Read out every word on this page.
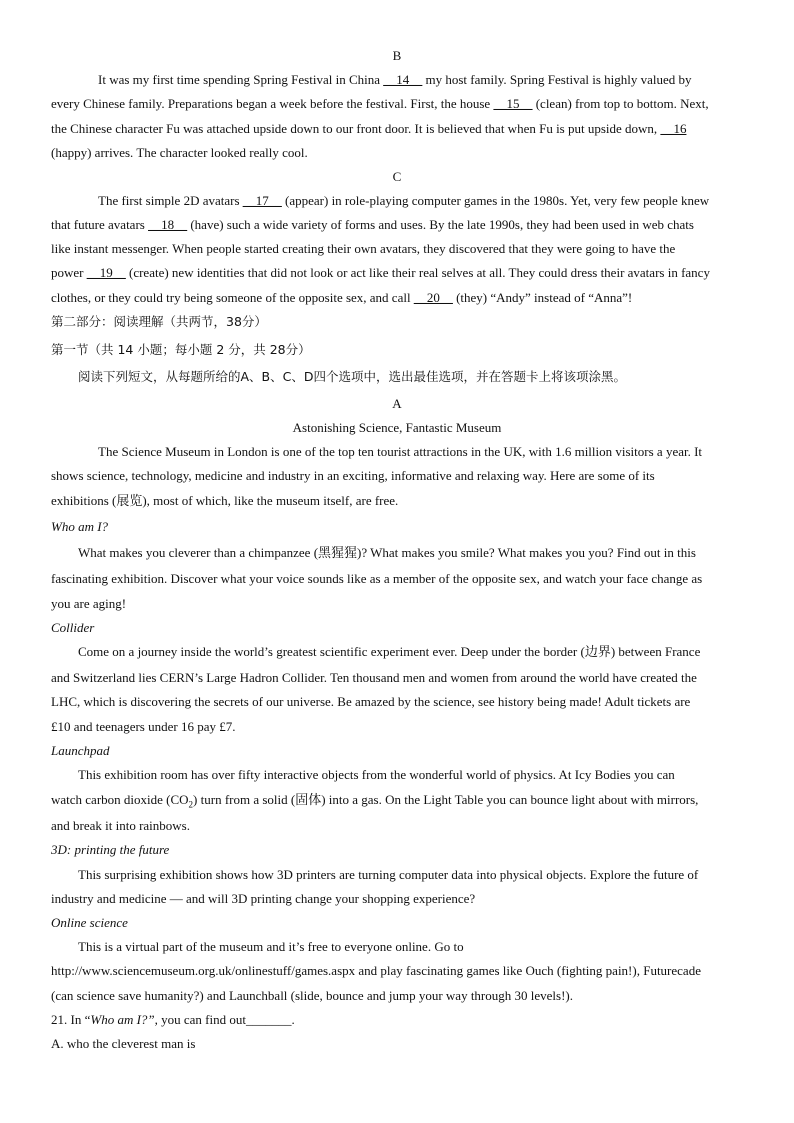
B
It was my first time spending Spring Festival in China __14__ my host family. Spring Festival is highly valued by
every Chinese family. Preparations began a week before the festival. First, the house __15__ (clean) from top to bottom. Next,
the Chinese character Fu was attached upside down to our front door. It is believed that when Fu is put upside down, __16
(happy) arrives. The character looked really cool.
C
The first simple 2D avatars __17__ (appear) in role-playing computer games in the 1980s. Yet, very few people knew
that future avatars __18__ (have) such a wide variety of forms and uses. By the late 1990s, they had been used in web chats
like instant messenger. When people started creating their own avatars, they discovered that they were going to have the
power __19__ (create) new identities that did not look or act like their real selves at all. They could dress their avatars in fancy
clothes, or they could try being someone of the opposite sex, and call __20__ (they) “Andy” instead of “Anna”!
第二部分：阅读理解（共两节，38分）
第一节（共 14 小题；每小题 2 分，共 28分）
阅读下列短文，从每题所给的A、B、C、D四个选项中，选出最佳选项，并在答题卡上将该项涂黑。
A
Astonishing Science, Fantastic Museum
The Science Museum in London is one of the top ten tourist attractions in the UK, with 1.6 million visitors a year. It
shows science, technology, medicine and industry in an exciting, informative and relaxing way. Here are some of its
exhibitions (展览), most of which, like the museum itself, are free.
Who am I?
What makes you cleverer than a chimpanzee (黑猩猩)? What makes you smile? What makes you you? Find out in this
fascinating exhibition. Discover what your voice sounds like as a member of the opposite sex, and watch your face change as
you are aging!
Collider
Come on a journey inside the world’s greatest scientific experiment ever. Deep under the border (边界) between France
and Switzerland lies CERN’s Large Hadron Collider. Ten thousand men and women from around the world have created the
LHC, which is discovering the secrets of our universe. Be amazed by the science, see history being made! Adult tickets are
£10 and teenagers under 16 pay £7.
Launchpad
This exhibition room has over fifty interactive objects from the wonderful world of physics. At Icy Bodies you can
watch carbon dioxide $(CO_2)$ turn from a solid (固体) into a gas. On the Light Table you can bounce light about with mirrors,
and break it into rainbows.
3D: printing the future
This surprising exhibition shows how 3D printers are turning computer data into physical objects. Explore the future of
industry and medicine — and will 3D printing change your shopping experience?
Online science
This is a virtual part of the museum and it’s free to everyone online. Go to
http://www.sciencemuseum.org.uk/onlinestuff/games.aspx and play fascinating games like Ouch (fighting pain!), Futurecade
(can science save humanity?) and Launchball (slide, bounce and jump your way through 30 levels!).
21. In “Who am I?”, you can find out_______.
A. who the cleverest man is
